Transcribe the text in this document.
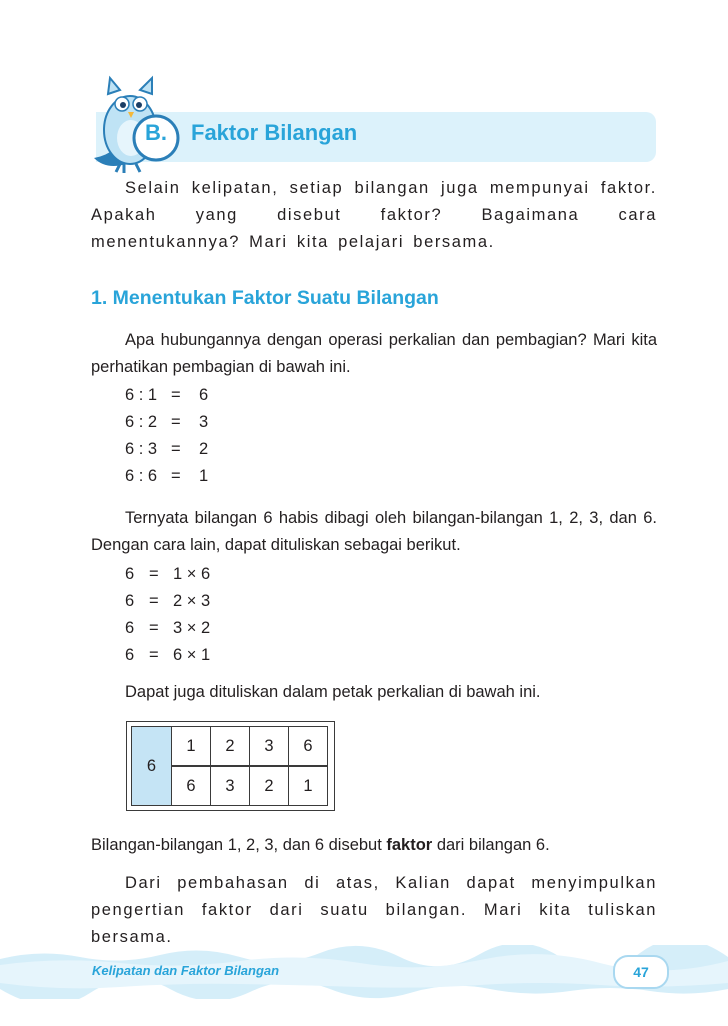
B. Faktor Bilangan

Selain kelipatan, setiap bilangan juga mempunyai faktor. Apakah yang disebut faktor? Bagaimana cara menentukannya? Mari kita pelajari bersama.

1. Menentukan Faktor Suatu Bilangan

Apa hubungannya dengan operasi perkalian dan pembagian? Mari kita perhatikan pembagian di bawah ini.

6 : 1 = 6
6 : 2 = 3
6 : 3 = 2
6 : 6 = 1

Ternyata bilangan 6 habis dibagi oleh bilangan-bilangan 1, 2, 3, dan 6. Dengan cara lain, dapat dituliskan sebagai berikut.

6 = 1 × 6
6 = 2 × 3
6 = 3 × 2
6 = 6 × 1

Dapat juga dituliskan dalam petak perkalian di bawah ini.

6
1	2	3	6
6	3	2	1

Bilangan-bilangan 1, 2, 3, dan 6 disebut faktor dari bilangan 6.

Dari pembahasan di atas, Kalian dapat menyimpulkan pengertian faktor dari suatu bilangan. Mari kita tuliskan bersama.

Kelipatan dan Faktor Bilangan	47
